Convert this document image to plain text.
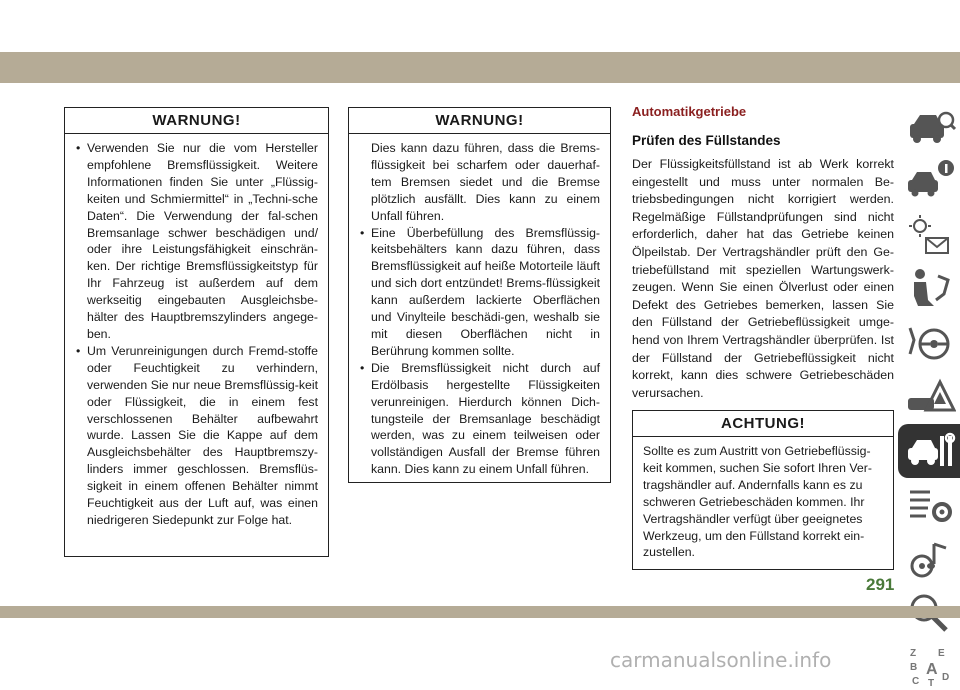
WARNUNG!
• Verwenden Sie nur die vom Hersteller empfohlene Bremsflüssigkeit. Weitere Informationen finden Sie unter „Flüssig-keiten und Schmiermittel“ in „Techni-sche Daten“. Die Verwendung der fal-schen Bremsanlage schwer beschädigen und/ oder ihre Leistungsfähigkeit einschrän-ken. Der richtige Bremsflüssigkeitstyp für Ihr Fahrzeug ist außerdem auf dem werkseitig eingebauten Ausgleichsbe-hälter des Hauptbremszylinders angege-ben.
• Um Verunreinigungen durch Fremd-stoffe oder Feuchtigkeit zu verhindern, verwenden Sie nur neue Bremsflüssig-keit oder Flüssigkeit, die in einem fest verschlossenen Behälter aufbewahrt wurde. Lassen Sie die Kappe auf dem Ausgleichsbehälter des Hauptbremszy-linders immer geschlossen. Bremsflüs-sigkeit in einem offenen Behälter nimmt Feuchtigkeit aus der Luft auf, was einen niedrigeren Siedepunkt zur Folge hat.
WARNUNG!

Dies kann dazu führen, dass die Brems-flüssigkeit bei scharfem oder dauerhaf-tem Bremsen siedet und die Bremse plötzlich ausfällt. Dies kann zu einem Unfall führen.

• Eine Überbefüllung des Bremsflüssig-keitsbehälters kann dazu führen, dass Bremsflüssigkeit auf heiße Motorteile läuft und sich dort entzündet! Brems-flüssigkeit kann außerdem lackierte Oberflächen und Vinylteile beschädi-gen, weshalb sie mit diesen Oberflächen nicht in Berührung kommen sollte.
• Die Bremsflüssigkeit nicht durch auf Erdölbasis hergestellte Flüssigkeiten verunreinigen. Hierdurch können Dich-tungsteile der Bremsanlage beschädigt werden, was zu einem teilweisen oder vollständigen Ausfall der Bremse führen kann. Dies kann zu einem Unfall führen.
Automatikgetriebe
Prüfen des Füllstandes

Der Flüssigkeitsfüllstand ist ab Werk korrekt eingestellt und muss unter normalen Be-triebsbedingungen nicht korrigiert werden. Regelmäßige Füllstandprüfungen sind nicht erforderlich, daher hat das Getriebe keinen Ölpeilstab. Der Vertragshändler prüft den Ge-triebefüllstand mit speziellen Wartungswerk-zeugen. Wenn Sie einen Ölverlust oder einen Defekt des Getriebes bemerken, lassen Sie den Füllstand der Getriebeflüssigkeit umge-hend von Ihrem Vertragshändler überprüfen. Ist der Füllstand der Getriebeflüssigkeit nicht korrekt, kann dies schwere Getriebeschäden verursachen.

ACHTUNG!

Sollte es zum Austritt von Getriebeflüssig-keit kommen, suchen Sie sofort Ihren Ver-tragshändler auf. Andernfalls kann es zu schweren Getriebeschäden kommen. Ihr Vertragshändler verfügt über geeignetes Werkzeug, um den Füllstand korrekt ein-zustellen.

Z E
B A
C T
D
291
carmanualsonline.info
